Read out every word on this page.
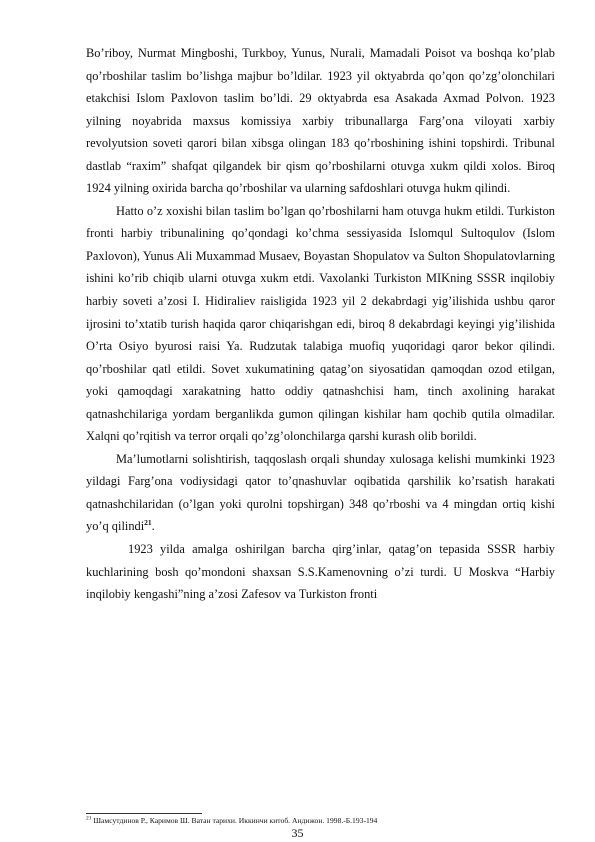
Bo’riboy, Nurmat Mingboshi, Turkboy, Yunus, Nurali, Mamadali Poisot va boshqa ko’plab qo’rboshilar taslim bo’lishga majbur bo’ldilar. 1923 yil oktyabrda qo’qon qo’zg’olonchilari etakchisi Islom Paxlovon taslim bo’ldi. 29 oktyabrda esa Asakada Axmad Polvon. 1923 yilning noyabrida maxsus komissiya xarbiy tribunallarga Farg’ona viloyati xarbiy revolyutsion soveti qarori bilan xibsga olingan 183 qo’rboshining ishini topshirdi. Tribunal dastlab “raxim” shafqat qilgandek bir qism qo’rboshilarni otuvga xukm qildi xolos. Biroq 1924 yilning oxirida barcha qo’rboshilar va ularning safdoshlari otuvga hukm qilindi.

Hatto o’z xoxishi bilan taslim bo’lgan qo’rboshilarni ham otuvga hukm etildi. Turkiston fronti harbiy tribunalining qo’qondagi ko’chma sessiyasida Islomqul Sultoqulov (Islom Paxlovon), Yunus Ali Muxammad Musaev, Boyastan Shopulatov va Sulton Shopulatovlarning ishini ko’rib chiqib ularni otuvga xukm etdi. Vaxolanki Turkiston MIKning SSSR inqilobiy harbiy soveti a’zosi I. Hidiraliev raisligida 1923 yil 2 dekabrdagi yig’ilishida ushbu qaror ijrosini to’xtatib turish haqida qaror chiqarishgan edi, biroq 8 dekabrdagi keyingi yig’ilishida O’rta Osiyo byurosi raisi Ya. Rudzutak talabiga muofiq yuqoridagi qaror bekor qilindi. qo’rboshilar qatl etildi. Sovet xukumatining qatag’on siyosatidan qamoqdan ozod etilgan, yoki qamoqdagi xarakatning hatto oddiy qatnashchisi ham, tinch axolining harakat qatnashchilariga yordam berganlikda gumon qilingan kishilar ham qochib qutila olmadilar. Xalqni qo’rqitish va terror orqali qo’zg’olonchilarga qarshi kurash olib borildi.

Ma’lumotlarni solishtirish, taqqoslash orqali shunday xulosaga kelishi mumkinki 1923 yildagi Farg’ona vodiysidagi qator to’qnashuvlar oqibatida qarshilik ko’rsatish harakati qatnashchilaridan (o’lgan yoki qurolni topshirgan) 348 qo’rboshi va 4 mingdan ortiq kishi yo’q qilindi$^{21}$.

1923 yilda amalga oshirilgan barcha qirg’inlar, qatag’on tepasida SSSR harbiy kuchlarining bosh qo’mondoni shaxsan S.S.Kamenovning o’zi turdi. U Moskva “Harbiy inqilobiy kengashi”ning a’zosi Zafesov va Turkiston fronti

$^{21}$ Шамсутдинов Р., Каримов Ш. Ватан тарихи. Иккинчи китоб. Андижон. 1998.-Б.193-194
35
